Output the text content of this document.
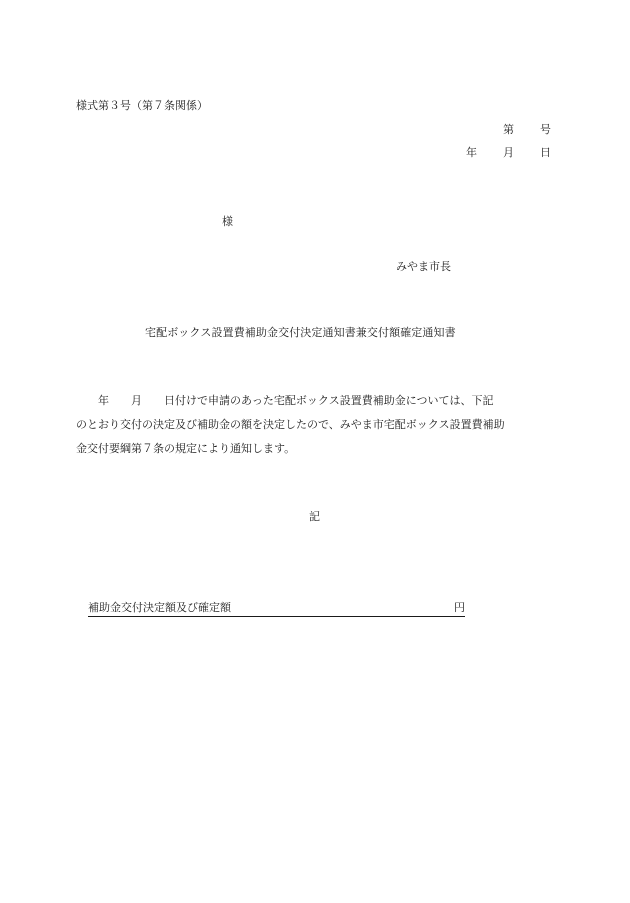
様式第３号（第７条関係）
第 号
年 月 日
様
みやま市長
宅配ボックス設置費補助金交付決定通知書兼交付額確定通知書
　　年　　月　　日付けで申請のあった宅配ボックス設置費補助金については、下記
のとおり交付の決定及び補助金の額を決定したので、みやま市宅配ボックス設置費補助
金交付要綱第７条の規定により通知します。
記
補助金交付決定額及び確定額	円
